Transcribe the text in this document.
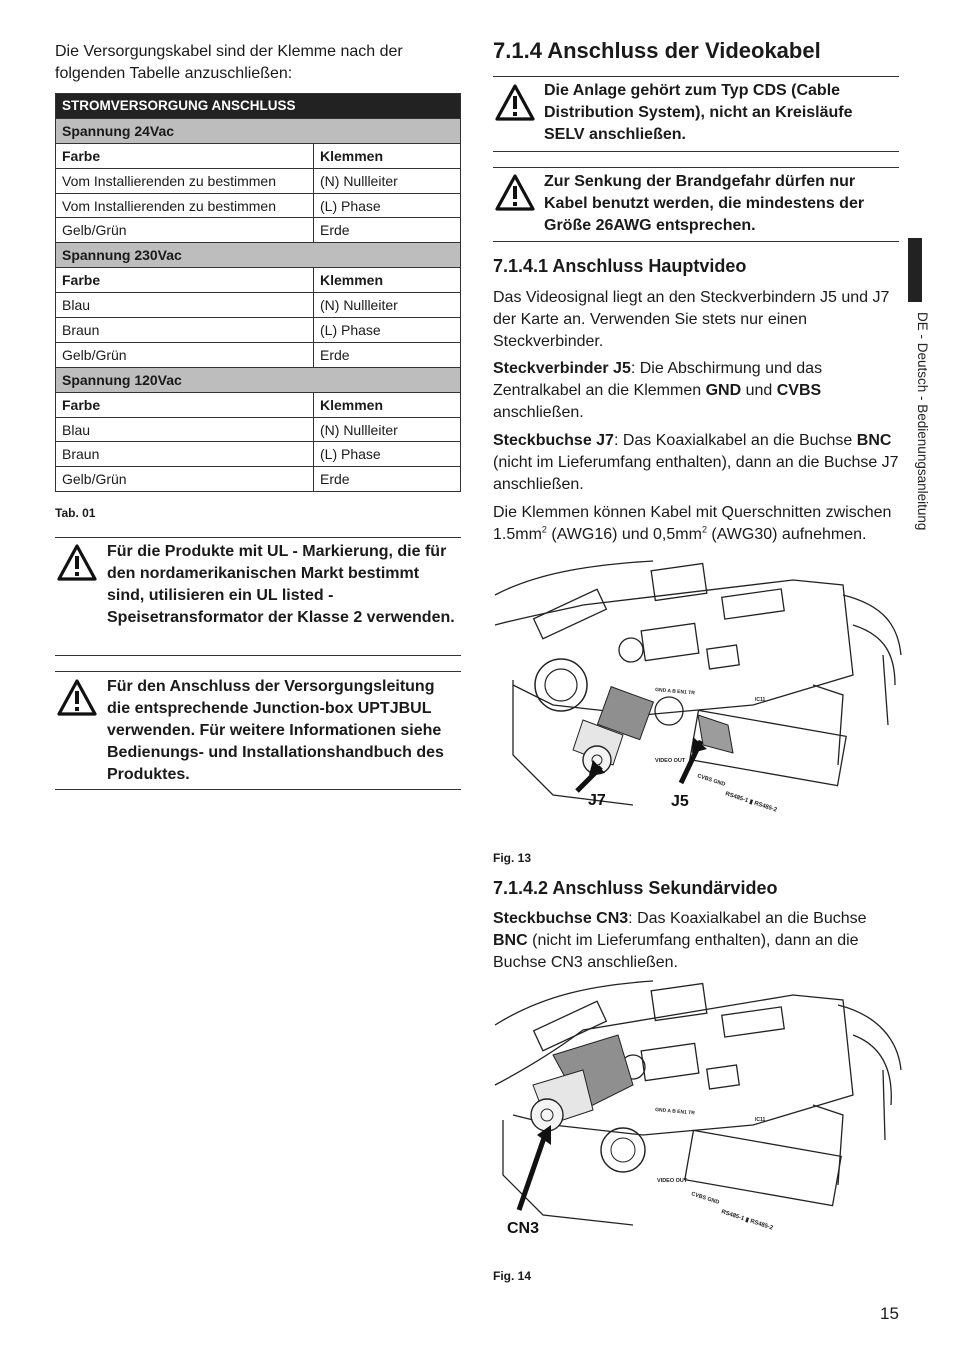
Die Versorgungskabel sind der Klemme nach der folgenden Tabelle anzuschließen:
STROMVERSORGUNG ANSCHLUSS	
Spannung 24Vac	
Farbe	Klemmen
Vom Installierenden zu bestimmen	(N) Nullleiter
Vom Installierenden zu bestimmen	(L) Phase
Gelb/Grün	Erde
Spannung 230Vac	
Farbe	Klemmen
Blau	(N) Nullleiter
Braun	(L) Phase
Gelb/Grün	Erde
Spannung 120Vac	
Farbe	Klemmen
Blau	(N) Nullleiter
Braun	(L) Phase
Gelb/Grün	Erde
Tab. 01
Für die Produkte mit UL - Markierung, die für den nordamerikanischen Markt bestimmt sind, utilisieren ein UL listed - Speisetransformator der Klasse 2 verwenden.
Für den Anschluss der Versorgungsleitung die entsprechende Junction-box UPTJBUL verwenden. Für weitere Informationen siehe Bedienungs- und Installationshandbuch des Produktes.
7.1.4 Anschluss der Videokabel
Die Anlage gehört zum Typ CDS (Cable Distribution System), nicht an Kreisläufe SELV anschließen.
Zur Senkung der Brandgefahr dürfen nur Kabel benutzt werden, die mindestens der Größe 26AWG entsprechen.
7.1.4.1 Anschluss Hauptvideo
Das Videosignal liegt an den Steckverbindern J5 und J7 der Karte an. Verwenden Sie stets nur einen Steckverbinder.
Steckverbinder J5: Die Abschirmung und das Zentralkabel an die Klemmen GND und CVBS anschließen.
Steckbuchse J7: Das Koaxialkabel an die Buchse BNC (nicht im Lieferumfang enthalten), dann an die Buchse J7 anschließen.
Die Klemmen können Kabel mit Querschnitten zwischen $1.5mm^2$ (AWG16) und $0,5mm^2$ (AWG30) aufnehmen.
J7	J5
VIDEO OUT
CVBS GND
RS485-1 ▮ RS485-2
IC11
GND A B EN1 TR
Fig. 13
7.1.4.2 Anschluss Sekundärvideo
Steckbuchse CN3: Das Koaxialkabel an die Buchse BNC (nicht im Lieferumfang enthalten), dann an die Buchse CN3 anschließen.
CN3
VIDEO OUT
CVBS GND
RS485-1 ▮ RS485-2
IC11
GND A B EN1 TR
Fig. 14
DE - Deutsch - Bedienungsanleitung
15
